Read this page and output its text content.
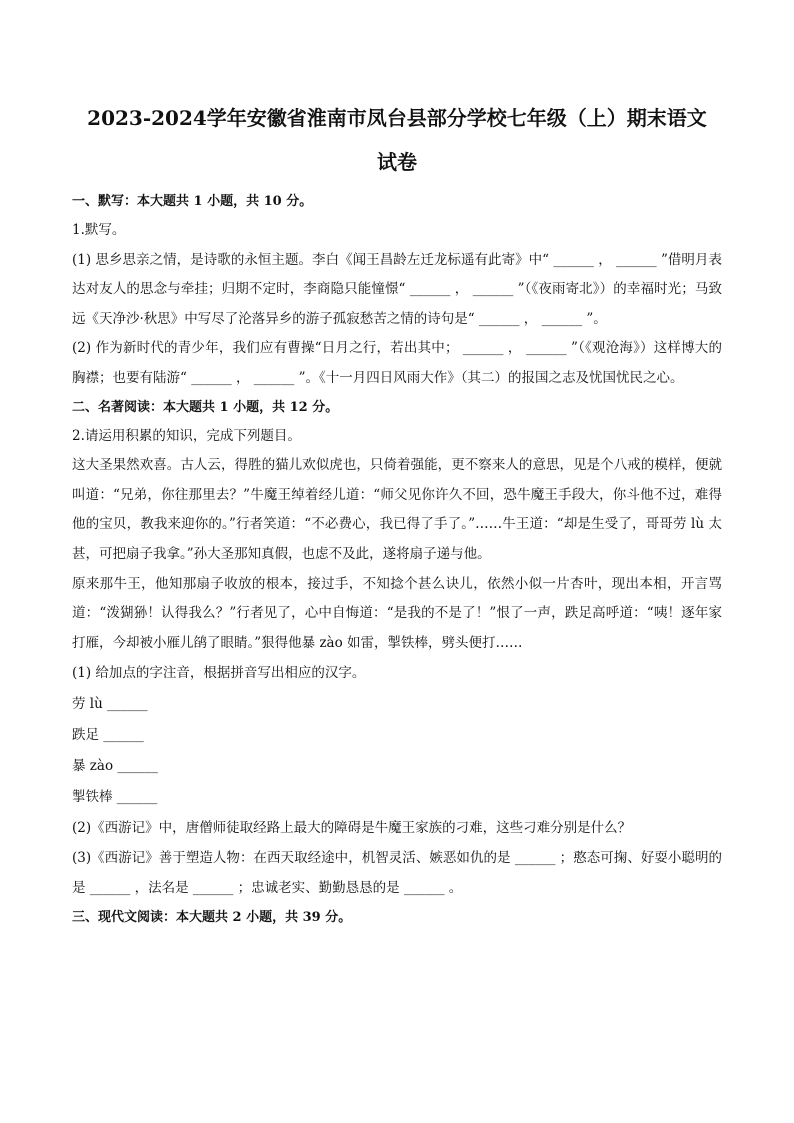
2023-2024学年安徽省淮南市凤台县部分学校七年级（上）期末语文
试卷
一、默写：本大题共 1 小题，共 10 分。

1.默写。

(1) 思乡思亲之情，是诗歌的永恒主题。李白《闻王昌龄左迁龙标遥有此寄》中“ ______ ， ______ ”借明月表达对友人的思念与牵挂；归期不定时，李商隐只能憧憬“ ______ ， ______ ”（《夜雨寄北》）的幸福时光；马致远《天净沙·秋思》中写尽了沦落异乡的游子孤寂愁苦之情的诗句是“ ______ ， ______ ”。

(2) 作为新时代的青少年，我们应有曹操“日月之行，若出其中； ______ ， ______ ”（《观沧海》）这样博大的胸襟；也要有陆游“ ______ ， ______ ”。《十一月四日风雨大作》（其二）的报国之志及忧国忧民之心。

二、名著阅读：本大题共 1 小题，共 12 分。

2.请运用积累的知识，完成下列题目。

这大圣果然欢喜。古人云，得胜的猫儿欢似虎也，只倚着强能，更不察来人的意思，见是个八戒的模样，便就叫道：“兄弟，你往那里去？”牛魔王绰着经儿道：“师父见你许久不回，恐牛魔王手段大，你斗他不过，难得他的宝贝，教我来迎你的。”行者笑道：“不必费心，我已得了手了。”……牛王道：“却是生受了，哥哥劳 lù 太甚，可把扇子我拿。”孙大圣那知真假，也虑不及此，遂将扇子递与他。

原来那牛王，他知那扇子收放的根本，接过手，不知捻个甚么诀儿，依然小似一片杏叶，现出本相，开言骂道：“泼猢狲！认得我么？”行者见了，心中自悔道：“是我的不是了！”恨了一声，跌足高呼道：“咦！逐年家打雁，今却被小雁儿鹐了眼睛。”狠得他暴 zào 如雷，掣铁棒，劈头便打……

(1) 给加点的字注音，根据拼音写出相应的汉字。

劳 lù ______

跌足 ______

暴 zào ______

掣铁棒 ______

(2)《西游记》中，唐僧师徒取经路上最大的障碍是牛魔王家族的刁难，这些刁难分别是什么？

(3)《西游记》善于塑造人物：在西天取经途中，机智灵活、嫉恶如仇的是 ______ ；憨态可掬、好耍小聪明的是 ______ ，法名是 ______ ；忠诚老实、勤勤恳恳的是 ______ 。

三、现代文阅读：本大题共 2 小题，共 39 分。
